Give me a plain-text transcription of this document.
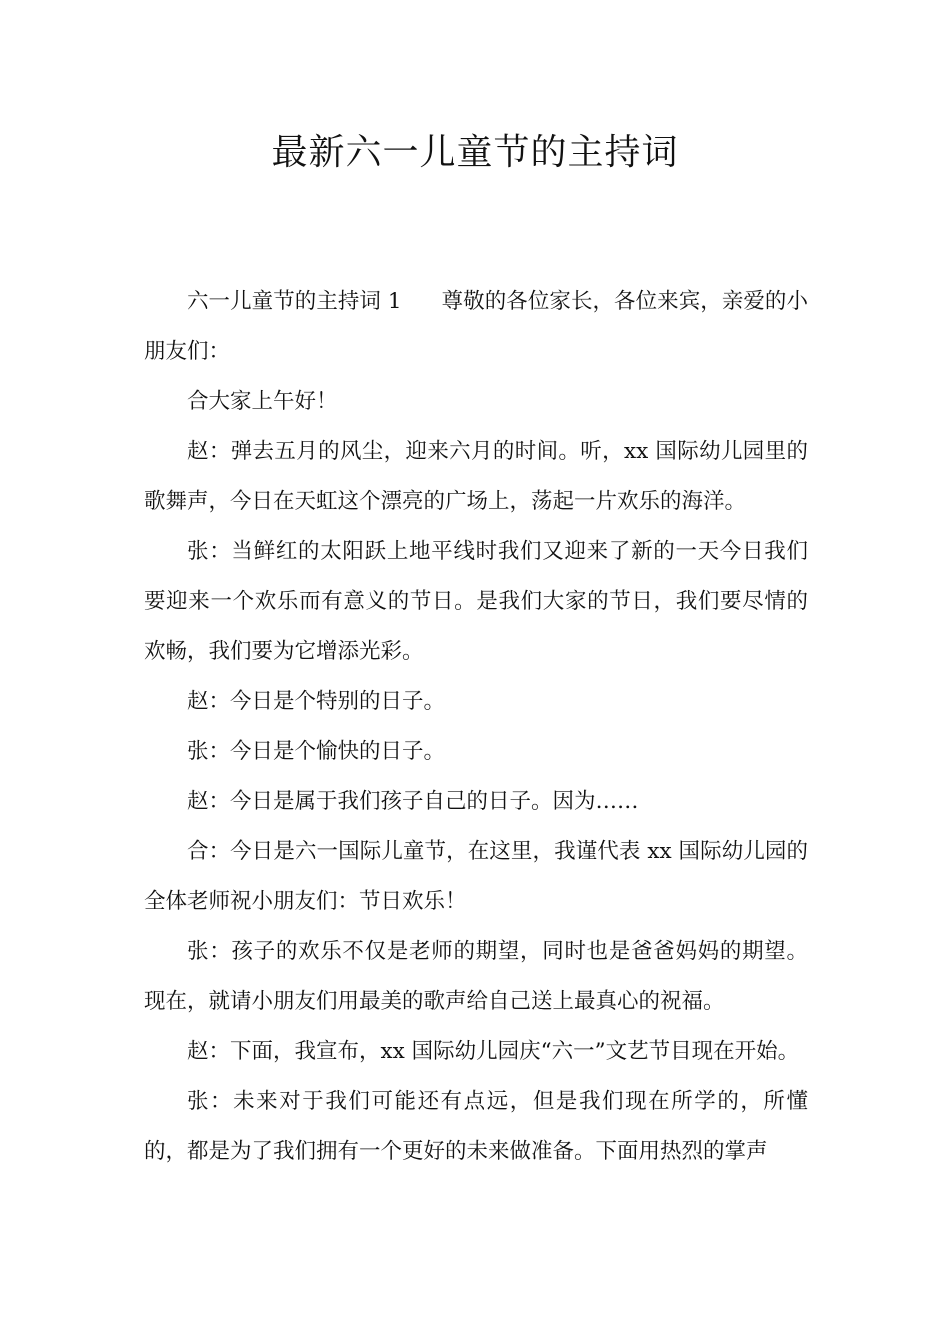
最新六一儿童节的主持词

六一儿童节的主持词 1 尊敬的各位家长，各位来宾，亲爱的小朋友们：

合大家上午好！

赵：弹去五月的风尘，迎来六月的时间。听，xx 国际幼儿园里的歌舞声，今日在天虹这个漂亮的广场上，荡起一片欢乐的海洋。

张：当鲜红的太阳跃上地平线时我们又迎来了新的一天今日我们要迎来一个欢乐而有意义的节日。是我们大家的节日，我们要尽情的欢畅，我们要为它增添光彩。

赵：今日是个特别的日子。

张：今日是个愉快的日子。

赵：今日是属于我们孩子自己的日子。因为……

合：今日是六一国际儿童节，在这里，我谨代表 xx 国际幼儿园的全体老师祝小朋友们：节日欢乐！

张：孩子的欢乐不仅是老师的期望，同时也是爸爸妈妈的期望。现在，就请小朋友们用最美的歌声给自己送上最真心的祝福。

赵：下面，我宣布，xx 国际幼儿园庆“六一”文艺节目现在开始。

张：未来对于我们可能还有点远，但是我们现在所学的，所懂的，都是为了我们拥有一个更好的未来做准备。下面用热烈的掌声
